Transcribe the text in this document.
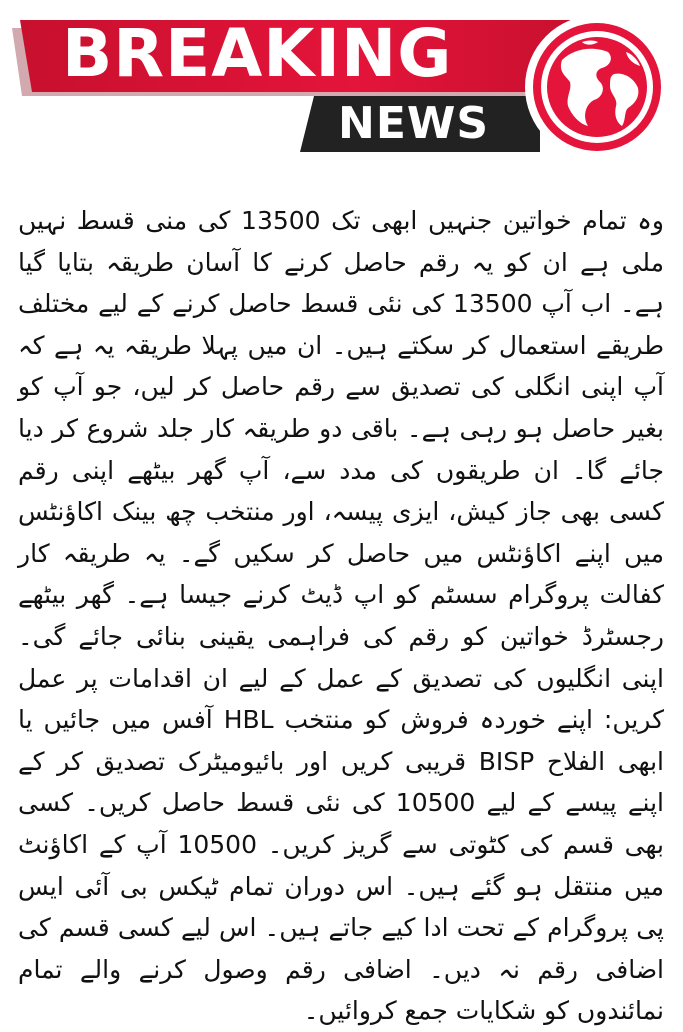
BREAKING
NEWS

وہ تمام خواتین جنہیں ابھی تک 13500 کی منی قسط نہیں ملی ہے ان کو یہ رقم حاصل کرنے کا آسان طریقہ بتایا گیا ہے۔ اب آپ 13500 کی نئی قسط حاصل کرنے کے لیے مختلف طریقے استعمال کر سکتے ہیں۔ ان میں پہلا طریقہ یہ ہے کہ آپ اپنی انگلی کی تصدیق سے رقم حاصل کر لیں، جو آپ کو بغیر حاصل ہو رہی ہے۔ باقی دو طریقہ کار جلد شروع کر دیا جائے گا۔ ان طریقوں کی مدد سے، آپ گھر بیٹھے اپنی رقم کسی بھی جاز کیش، ایزی پیسہ، اور منتخب چھ بینک اکاؤنٹس میں اپنے اکاؤنٹس میں حاصل کر سکیں گے۔ یہ طریقہ کار کفالت پروگرام سسٹم کو اپ ڈیٹ کرنے جیسا ہے۔ گھر بیٹھے رجسٹرڈ خواتین کو رقم کی فراہمی یقینی بنائی جائے گی۔ اپنی انگلیوں کی تصدیق کے عمل کے لیے ان اقدامات پر عمل کریں: اپنے خوردہ فروش کو منتخب HBL آفس میں جائیں یا ابھی الفلاح BISP قریبی کریں اور بائیومیٹرک تصدیق کر کے اپنے پیسے کے لیے 10500 کی نئی قسط حاصل کریں۔ کسی بھی قسم کی کٹوتی سے گریز کریں۔ 10500 آپ کے اکاؤنٹ میں منتقل ہو گئے ہیں۔ اس دوران تمام ٹیکس بی آئی ایس پی پروگرام کے تحت ادا کیے جاتے ہیں۔ اس لیے کسی قسم کی اضافی رقم نہ دیں۔ اضافی رقم وصول کرنے والے تمام نمائندوں کو شکایات جمع کروائیں۔
